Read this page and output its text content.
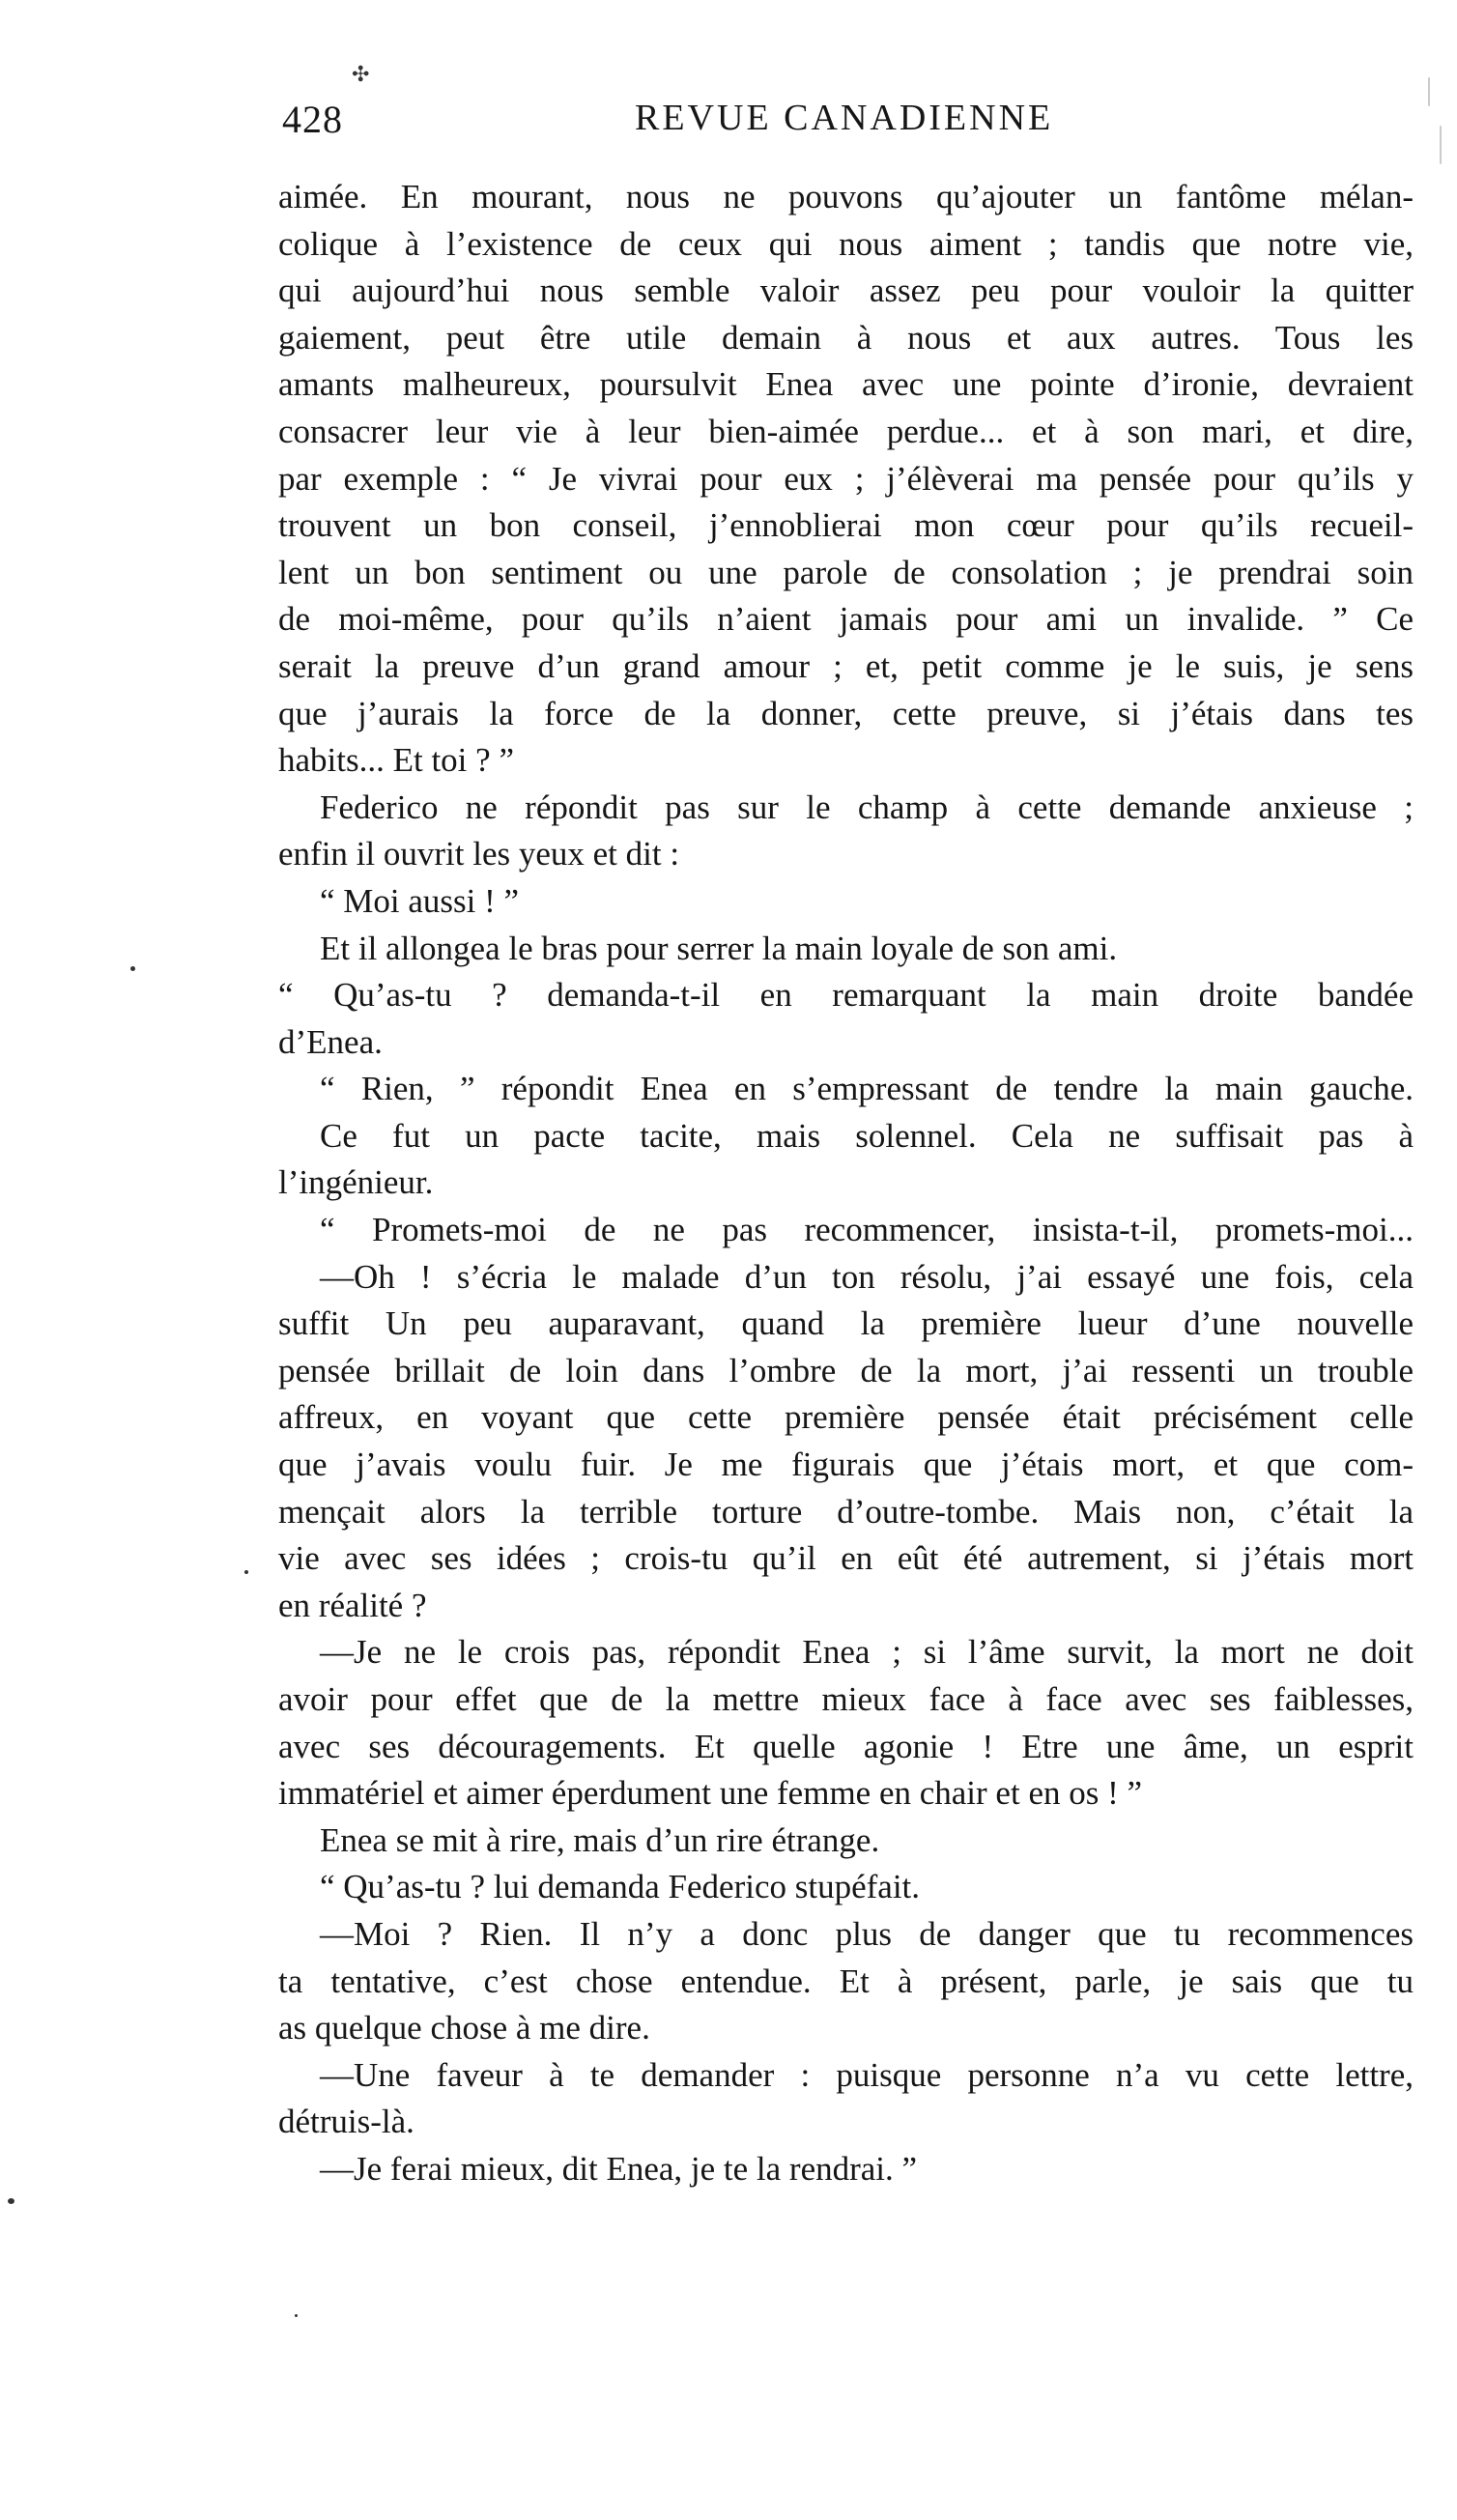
✣
428	REVUE CANADIENNE
aimée. En mourant, nous ne pouvons qu’ajouter un fantôme mélan-
colique à l’existence de ceux qui nous aiment ; tandis que notre vie,
qui aujourd’hui nous semble valoir assez peu pour vouloir la quitter
gaiement, peut être utile demain à nous et aux autres. Tous les
amants malheureux, poursulvit Enea avec une pointe d’ironie, devraient
consacrer leur vie à leur bien-aimée perdue... et à son mari, et dire,
par exemple : “ Je vivrai pour eux ; j’élèverai ma pensée pour qu’ils y
trouvent un bon conseil, j’ennoblierai mon cœur pour qu’ils recueil-
lent un bon sentiment ou une parole de consolation ; je prendrai soin
de moi-même, pour qu’ils n’aient jamais pour ami un invalide. ” Ce
serait la preuve d’un grand amour ; et, petit comme je le suis, je sens
que j’aurais la force de la donner, cette preuve, si j’étais dans tes
habits... Et toi ? ”
Federico ne répondit pas sur le champ à cette demande anxieuse ;
enfin il ouvrit les yeux et dit :
“ Moi aussi ! ”
Et il allongea le bras pour serrer la main loyale de son ami.
“ Qu’as-tu ? demanda-t-il en remarquant la main droite bandée
d’Enea.
“ Rien, ” répondit Enea en s’empressant de tendre la main gauche.
Ce fut un pacte tacite, mais solennel. Cela ne suffisait pas à
l’ingénieur.
“ Promets-moi de ne pas recommencer, insista-t-il, promets-moi...
—Oh ! s’écria le malade d’un ton résolu, j’ai essayé une fois, cela
suffit Un peu auparavant, quand la première lueur d’une nouvelle
pensée brillait de loin dans l’ombre de la mort, j’ai ressenti un trouble
affreux, en voyant que cette première pensée était précisément celle
que j’avais voulu fuir. Je me figurais que j’étais mort, et que com-
mençait alors la terrible torture d’outre-tombe. Mais non, c’était la
vie avec ses idées ; crois-tu qu’il en eût été autrement, si j’étais mort
en réalité ?
—Je ne le crois pas, répondit Enea ; si l’âme survit, la mort ne doit
avoir pour effet que de la mettre mieux face à face avec ses faiblesses,
avec ses découragements. Et quelle agonie ! Etre une âme, un esprit
immatériel et aimer éperdument une femme en chair et en os ! ”
Enea se mit à rire, mais d’un rire étrange.
“ Qu’as-tu ? lui demanda Federico stupéfait.
—Moi ? Rien. Il n’y a donc plus de danger que tu recommences
ta tentative, c’est chose entendue. Et à présent, parle, je sais que tu
as quelque chose à me dire.
—Une faveur à te demander : puisque personne n’a vu cette lettre,
détruis-là.
—Je ferai mieux, dit Enea, je te la rendrai. ”
